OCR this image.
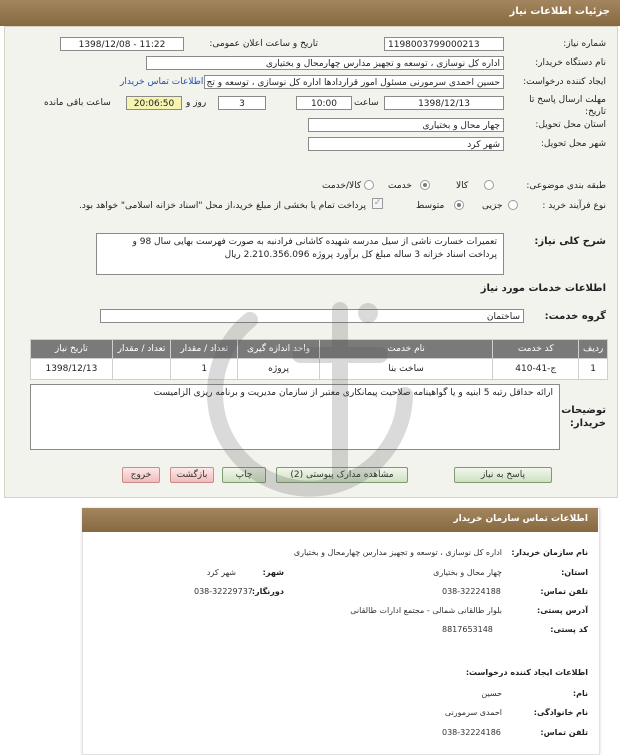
جزئیات اطلاعات نیاز
شماره نیاز:
1198003799000213
تاریخ و ساعت اعلان عمومی:
1398/12/08 - 11:22
نام دستگاه خریدار:
اداره کل نوسازی ، توسعه و تجهیز مدارس چهارمحال و بختیاری
ایجاد کننده درخواست:
حسین احمدی سرمورنی مسئول امور قراردادها اداره کل نوسازی ، توسعه و تج
اطلاعات تماس خریدار
مهلت ارسال پاسخ تا تاریخ:
1398/12/13
ساعت
10:00
3
روز و
20:06:50
ساعت باقی مانده
استان محل تحویل:
چهار محال و بختیاری
شهر محل تحویل:
شهر کرد
طبقه بندی موضوعی:
کالا
خدمت
کالا/خدمت
نوع فرآیند خرید :
جزیی
متوسط
✓
پرداخت تمام یا بخشی از مبلغ خرید،از محل "اسناد خزانه اسلامی" خواهد بود.
شرح کلی نیاز:
تعمیرات خسارت ناشی از سیل مدرسه شهیده کاشانی فرادنبه به صورت فهرست بهایی سال 98 و پرداخت اسناد خزانه 3 ساله مبلغ کل برآورد پروژه 2.210.356.096 ریال
اطلاعات خدمات مورد نیاز
گروه خدمت:
ساختمان
تاریخ نیاز	تعداد / مقدار	تعداد / مقدار	واحد اندازه گیری	نام خدمت	کد خدمت	ردیف
1398/12/13		1	پروژه	ساخت بنا	ج-41-410	1
توضیحات خریدار:
ارائه حداقل رتبه 5 ابنیه و یا گواهینامه صلاحیت پیمانکاری معتبر از سازمان مدیریت و برنامه ریزی الزامیست
پاسخ به نیاز
مشاهده مدارک پیوستی (2)
چاپ
بازگشت
خروج
اطلاعات تماس سازمان خریدار
نام سازمان خریدار:
اداره کل نوسازی ، توسعه و تجهیز مدارس چهارمحال و بختیاری
استان:
چهار محال و بختیاری
شهر:
شهر کرد
تلفن تماس:
038-32224188
دورنگار:
038-32229737
آدرس پستی:
بلوار طالقانی شمالی - مجتمع ادارات طالقانی
کد پستی:
8817653148
اطلاعات ایجاد کننده درخواست:
نام:
حسین
نام خانوادگی:
احمدی سرمورنی
تلفن تماس:
038-32224186
